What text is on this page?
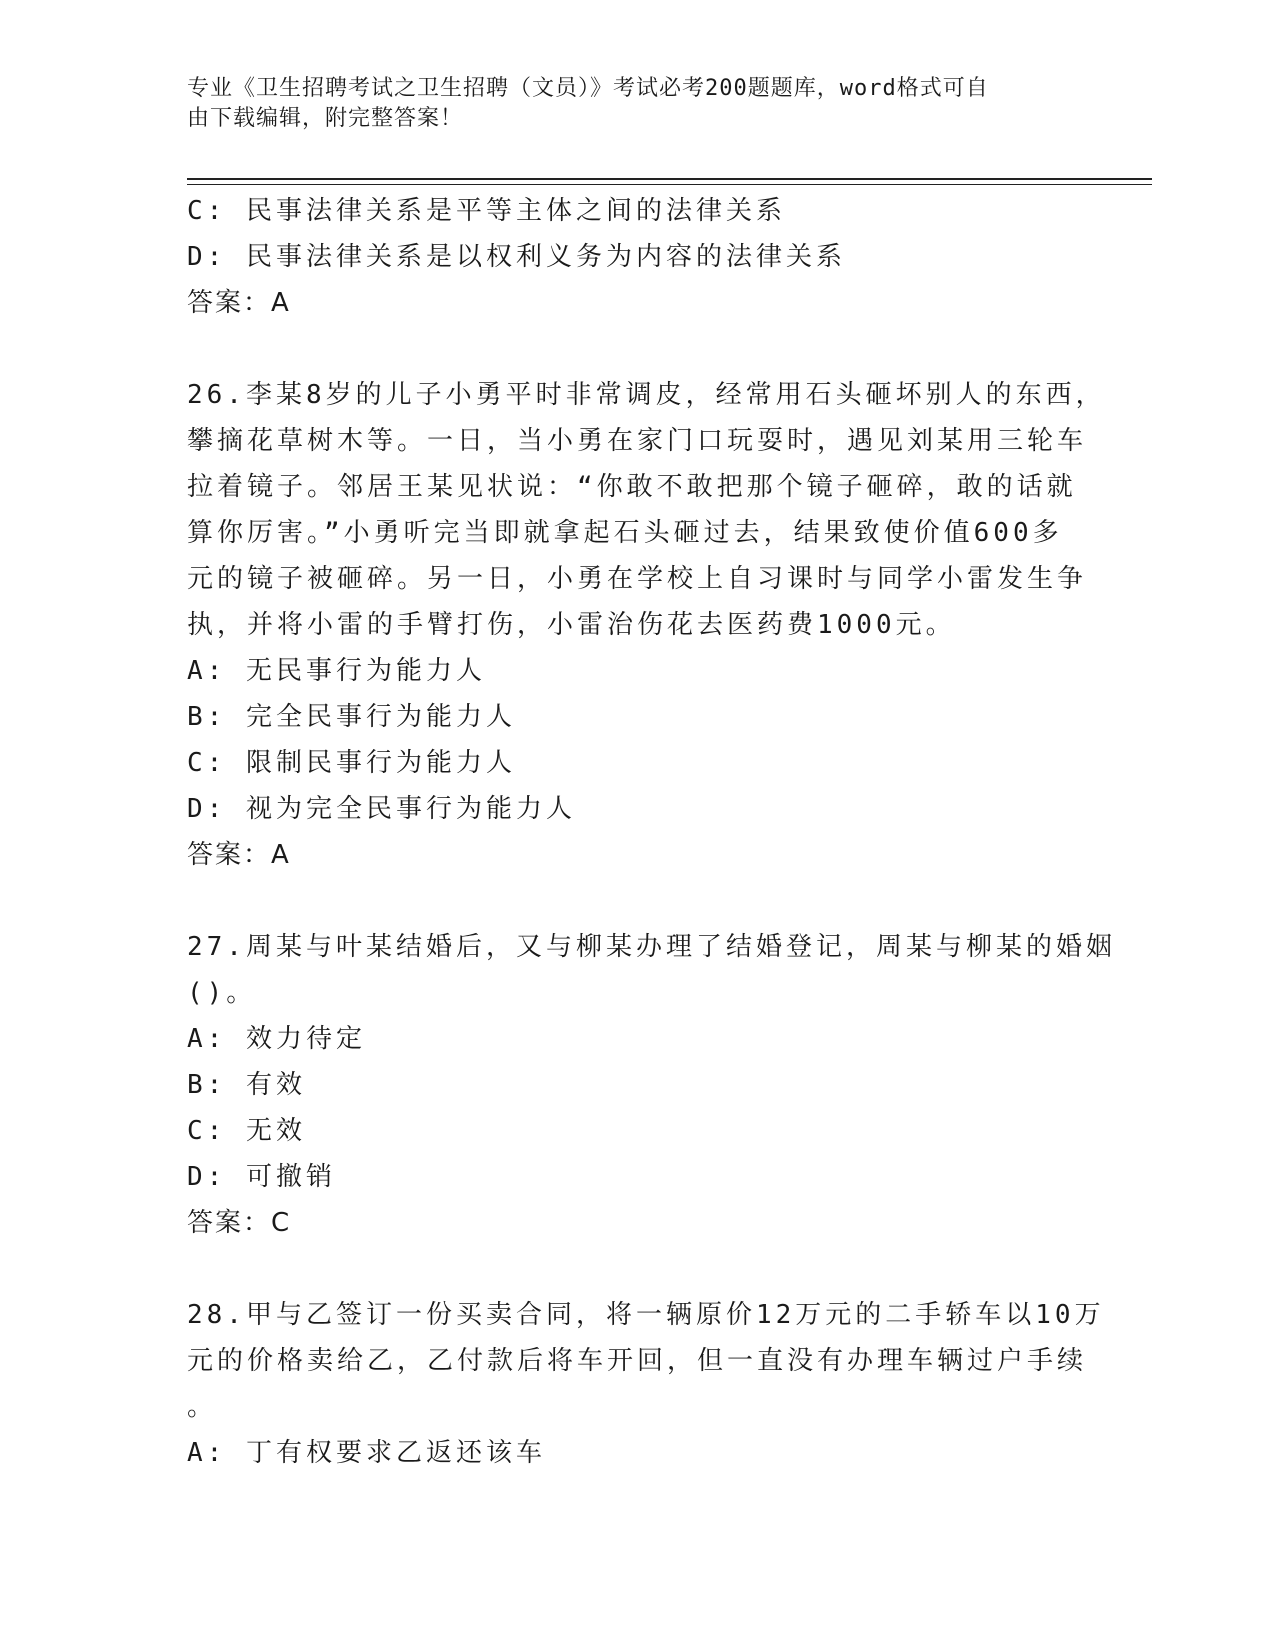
专业《卫生招聘考试之卫生招聘（文员）》考试必考200题题库，word格式可自
由下载编辑，附完整答案！
C: 民事法律关系是平等主体之间的法律关系
D: 民事法律关系是以权利义务为内容的法律关系
答案：A
26.李某8岁的儿子小勇平时非常调皮，经常用石头砸坏别人的东西，
攀摘花草树木等。一日，当小勇在家门口玩耍时，遇见刘某用三轮车
拉着镜子。邻居王某见状说：“你敢不敢把那个镜子砸碎，敢的话就
算你厉害。”小勇听完当即就拿起石头砸过去，结果致使价值600多
元的镜子被砸碎。另一日，小勇在学校上自习课时与同学小雷发生争
执，并将小雷的手臂打伤，小雷治伤花去医药费1000元。
A: 无民事行为能力人
B: 完全民事行为能力人
C: 限制民事行为能力人
D: 视为完全民事行为能力人
答案：A
27.周某与叶某结婚后，又与柳某办理了结婚登记，周某与柳某的婚姻
()。
A: 效力待定
B: 有效
C: 无效
D: 可撤销
答案：C
28.甲与乙签订一份买卖合同，将一辆原价12万元的二手轿车以10万
元的价格卖给乙，乙付款后将车开回，但一直没有办理车辆过户手续
。
A: 丁有权要求乙返还该车
